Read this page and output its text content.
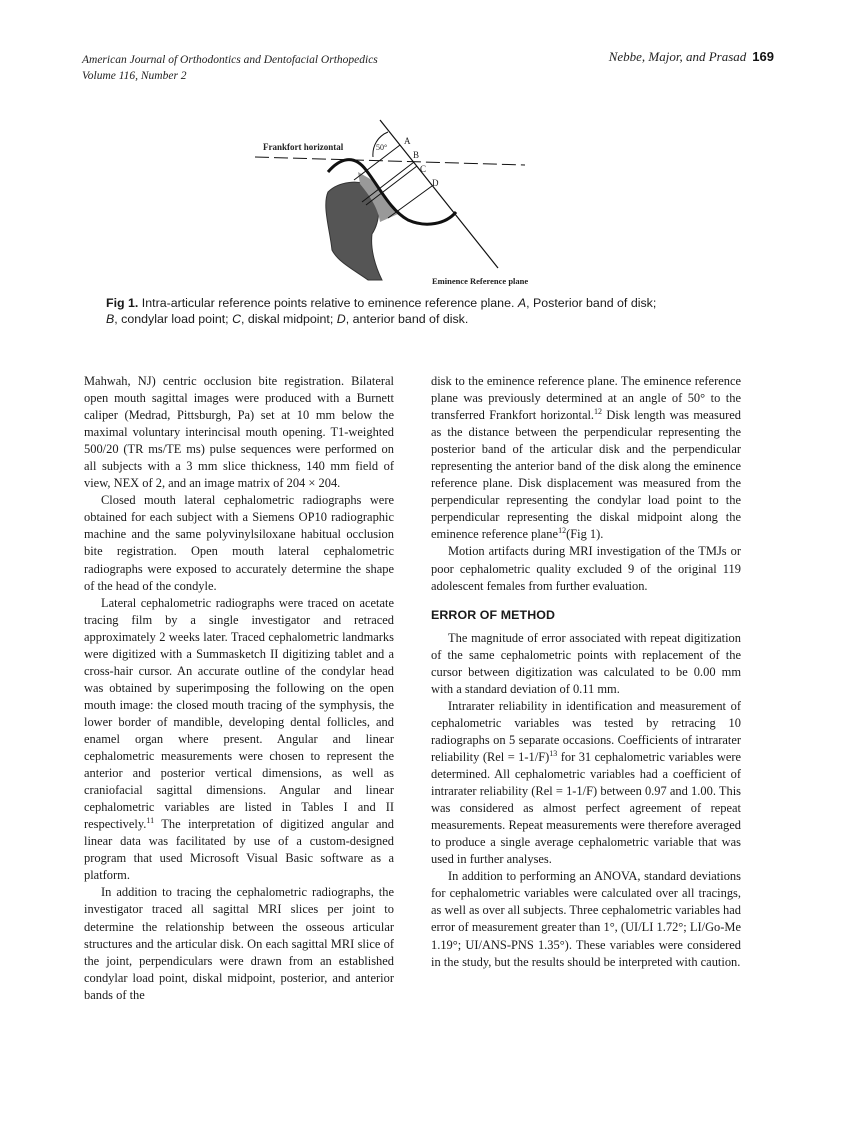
American Journal of Orthodontics and Dentofacial Orthopedics
Volume 116, Number 2
Nebbe, Major, and Prasad 169
Frankfort horizontal	50°
A
B
C
D
Eminence Reference plane
Fig 1. Intra-articular reference points relative to eminence reference plane. A, Posterior band of disk;
B, condylar load point; C, diskal midpoint; D, anterior band of disk.

Mahwah, NJ) centric occlusion bite registration. Bilateral open mouth sagittal images were produced with a Burnett caliper (Medrad, Pittsburgh, Pa) set at 10 mm below the maximal voluntary interincisal mouth opening. T1-weighted 500/20 (TR ms/TE ms) pulse sequences were performed on all subjects with a 3 mm slice thickness, 140 mm field of view, NEX of 2, and an image matrix of 204 × 204.

Closed mouth lateral cephalometric radiographs were obtained for each subject with a Siemens OP10 radiographic machine and the same polyvinylsiloxane habitual occlusion bite registration. Open mouth lateral cephalometric radiographs were exposed to accurately determine the shape of the head of the condyle.

Lateral cephalometric radiographs were traced on acetate tracing film by a single investigator and retraced approximately 2 weeks later. Traced cephalometric landmarks were digitized with a Summasketch II digitizing tablet and a cross-hair cursor. An accurate outline of the condylar head was obtained by superimposing the following on the open mouth image: the closed mouth tracing of the symphysis, the lower border of mandible, developing dental follicles, and enamel organ where present. Angular and linear cephalometric measurements were chosen to represent the anterior and posterior vertical dimensions, as well as craniofacial sagittal dimensions. Angular and linear cephalometric variables are listed in Tables I and II respectively.$^{11}$ The interpretation of digitized angular and linear data was facilitated by use of a custom-designed program that used Microsoft Visual Basic software as a platform.

In addition to tracing the cephalometric radiographs, the investigator traced all sagittal MRI slices per joint to determine the relationship between the osseous articular structures and the articular disk. On each sagittal MRI slice of the joint, perpendiculars were drawn from an established condylar load point, diskal midpoint, posterior, and anterior bands of the

disk to the eminence reference plane. The eminence reference plane was previously determined at an angle of 50° to the transferred Frankfort horizontal.$^{12}$ Disk length was measured as the distance between the perpendicular representing the posterior band of the articular disk and the perpendicular representing the anterior band of the disk along the eminence reference plane. Disk displacement was measured from the perpendicular representing the condylar load point to the perpendicular representing the diskal midpoint along the eminence reference plane$^{12}$(Fig 1).

Motion artifacts during MRI investigation of the TMJs or poor cephalometric quality excluded 9 of the original 119 adolescent females from further evaluation.

ERROR OF METHOD

The magnitude of error associated with repeat digitization of the same cephalometric points with replacement of the cursor between digitization was calculated to be 0.00 mm with a standard deviation of 0.11 mm.

Intrarater reliability in identification and measurement of cephalometric variables was tested by retracing 10 radiographs on 5 separate occasions. Coefficients of intrarater reliability (Rel = 1-1/F)$^{13}$ for 31 cephalometric variables were determined. All cephalometric variables had a coefficient of intrarater reliability (Rel = 1-1/F) between 0.97 and 1.00. This was considered as almost perfect agreement of repeat measurements. Repeat measurements were therefore averaged to produce a single average cephalometric variable that was used in further analyses.

In addition to performing an ANOVA, standard deviations for cephalometric variables were calculated over all tracings, as well as over all subjects. Three cephalometric variables had error of measurement greater than 1°, (UI/LI 1.72°; LI/Go-Me 1.19°; UI/ANS-PNS 1.35°). These variables were considered in the study, but the results should be interpreted with caution.
